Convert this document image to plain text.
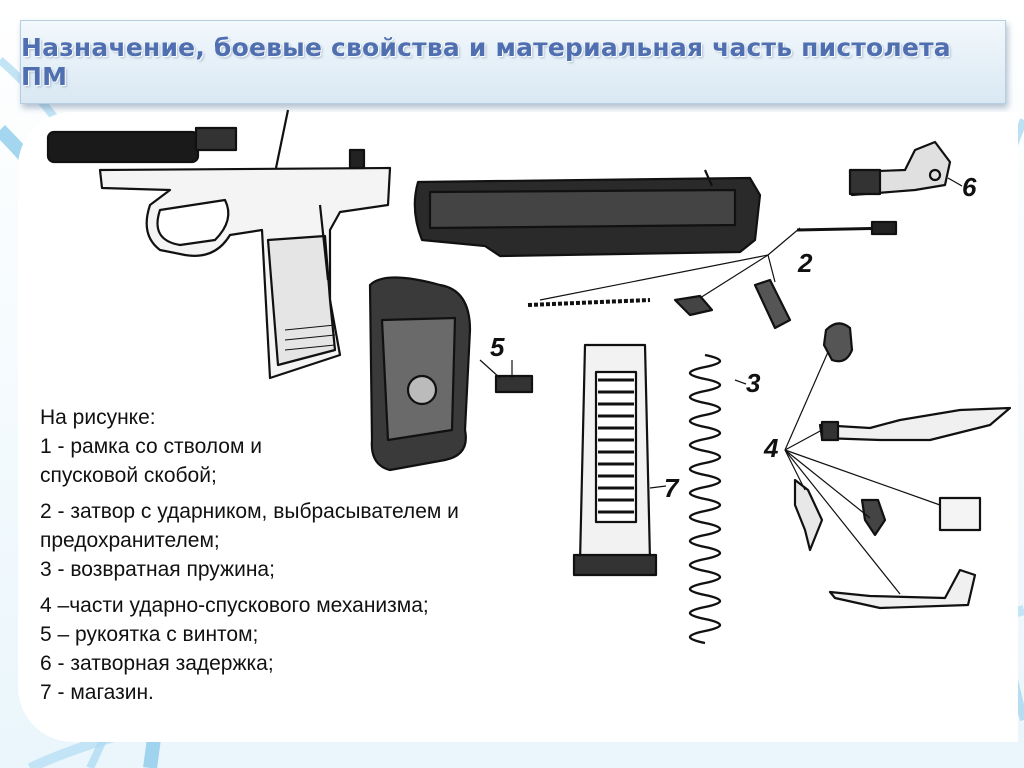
Назначение, боевые свойства и материальная часть пистолета ПМ
6
2
5
3
4
7
На рисунке:
1 - рамка со стволом и
спусковой скобой;
2 - затвор с ударником, выбрасывателем и
предохранителем;
3 - возвратная пружина;
4 –части ударно-спускового механизма;
5 – рукоятка с винтом;
6 - затворная задержка;
7 - магазин.
